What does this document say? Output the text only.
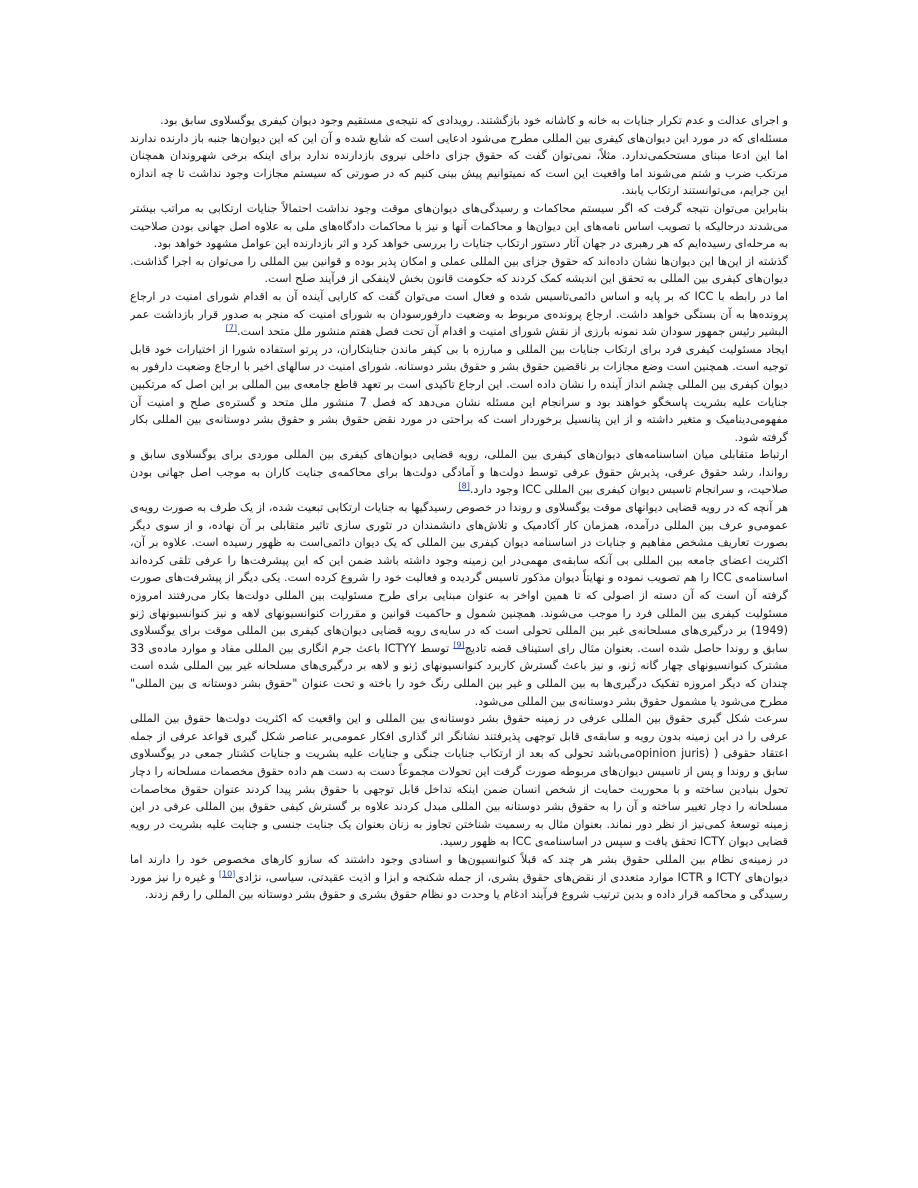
و اجرای عدالت و عدم تکرار جنایات به خانه و کاشانه خود بازگشتند. رویدادی که نتیجه‌ی مستقیم وجود دیوان کیفری یوگسلاوی سابق بود.

مسئله‌ای که در مورد این دیوان‌های کیفری بین المللی مطرح می‌شود ادعایی است که شایع شده و آن این که این دیوان‌ها جنبه باز دارنده ندارند اما این ادعا مبنای مستحکمی‌ندارد. مثلاً، نمی‌توان گفت که حقوق جزای داخلی نیروی بازدارنده ندارد برای اینکه برخی شهروندان همچنان مرتکب ضرب و شتم می‌شوند اما واقعیت این است که نمیتوانیم پیش بینی کنیم که در صورتی که سیستم مجازات وجود نداشت تا چه اندازه این جرایم، می‌توانستند ارتکاب یابند.

بنابراین می‌توان نتیجه گرفت که اگر سیستم محاکمات و رسیدگی‌های دیوان‌های موقت وجود نداشت احتمالاً جنایات ارتکابی به مراتب بیشتر می‌شدند درحالیکه با تصویب اساس نامه‌های این دیوان‌ها و محاکمات آنها و نیز با محاکمات دادگاه‌های ملی به علاوه اصل جهانی بودن صلاحیت به مرحله‌ای رسیده‌ایم که هر رهبری در جهان آثار دستور ارتکاب جنایات را بررسی خواهد کرد و اثر بازدارنده این عوامل مشهود خواهد بود.

گذشته از این‌ها این دیوان‌ها نشان داده‌اند که حقوق جزای بین المللی عملی و امکان پذیر بوده و قوانین بین المللی را می‌توان به اجرا گذاشت. دیوان‌های کیفری بین المللی به تحقق این اندیشه کمک کردند که حکومت قانون بخش لاینفکی از فرآیند صلح است.

اما در رابطه با ICC که بر پایه و اساس دائمی‌تاسیس شده و فعال است می‌توان گفت که کارایی آینده آن به اقدام شورای امنیت در ارجاع پرونده‌ها به آن بستگی خواهد داشت. ارجاع پرونده‌ی مربوط به وضعیت دارفورسودان به شورای امنیت که منجر به صدور قرار بازداشت عمر البشیر رئیس جمهور سودان شد نمونه بارزی از نقش شورای امنیت و اقدام آن تحت فصل هفتم منشور ملل متحد است.[7]

ایجاد مسئولیت کیفری فرد برای ارتکاب جنایات بین المللی و مبارزه با بی کیفر ماندن جنایتکاران، در پرتو استفاده شورا از اختیارات خود قابل توجیه است. همچنین است وضع مجازات بر ناقضین حقوق بشر و حقوق بشر دوستانه. شورای امنیت در سالهای اخیر با ارجاع وضعیت دارفور به دیوان کیفری بین المللی چشم انداز آینده را نشان داده است. این ارجاع تاکیدی است بر تعهد قاطع جامعه‌ی بین المللی بر این اصل که مرتکبین جنایات علیه بشریت پاسخگو خواهند بود و سرانجام این مسئله نشان می‌دهد که فصل 7 منشور ملل متحد و گستره‌ی صلح و امنیت آن مفهومی‌دینامیک و متغیر داشته و از این پتانسیل برخوردار است که براحتی در مورد نقض حقوق بشر و حقوق بشر دوستانه‌ی بین المللی بکار گرفته شود.

ارتباط متقابلی میان اساسنامه‌های دیوان‌های کیفری بین المللی، رویه قضایی دیوان‌های کیفری بین المللی موردی برای یوگسلاوی سابق و رواندا، رشد حقوق عرفی، پذیرش حقوق عرفی توسط دولت‌ها و آمادگی دولت‌ها برای محاکمه‌ی جنایت کاران به موجب اصل جهانی بودن صلاحیت، و سرانجام تاسیس دیوان کیفری بین المللی ICC وجود دارد.[8]

هر آنچه که در رویه قضایی دیوانهای موقت یوگسلاوی و روندا در خصوص رسیدگیها به جنایات ارتکابی تبعیت شده، از یک طرف به صورت رویه‌ی عمومی‌و عرف بین المللی درآمده، همزمان کار آکادمیک و تلاش‌های دانشمندان در تئوری سازی تاثیر متقابلی بر آن نهاده، و از سوی دیگر بصورت تعاریف مشخص مفاهیم و جنایات در اساسنامه دیوان کیفری بین المللی که یک دیوان دائمی‌است به ظهور رسیده است. علاوه بر آن، اکثریت اعضای جامعه بین المللی بی آنکه سابقه‌ی مهمی‌در این زمینه وجود داشته باشد ضمن این که این پیشرفت‌ها را عرفی تلقی کرده‌اند اساسنامه‌ی ICC را هم تصویب نموده و نهایتاً دیوان مذکور تاسیس گردیده و فعالیت خود را شروع کرده است. یکی دیگر از پیشرفت‌های صورت گرفته آن است که آن دسته از اصولی که تا همین اواخر به عنوان مبنایی برای طرح مسئولیت بین المللی دولت‌ها بکار می‌رفتند امروزه مسئولیت کیفری بین المللی فرد را موجب می‌شوند. همچنین شمول و حاکمیت قوانین و مقررات کنوانسیونهای لاهه و نیز کنوانسیونهای ژنو (1949) بر درگیری‌های مسلحانه‌ی غیر بین المللی تحولی است که در سایه‌ی رویه قضایی دیوان‌های کیفری بین المللی موقت برای یوگسلاوی سابق و روندا حاصل شده است. بعنوان مثال رای استیناف قضه تادیچ[9] توسط ICTYY باعث جرم انگاری بین المللی مفاد و موارد ماده‌ی 33 مشترک کنوانسیونهای چهار گانه ژنو، و نیز باعث گسترش کاربرد کنوانسیونهای ژنو و لاهه بر درگیری‌های مسلحانه غیر بین المللی شده است چندان که دیگر امروزه تفکیک درگیری‌ها به بین المللی و غیر بین المللی رنگ خود را باخته و تحت عنوان "حقوق بشر دوستانه ی بین المللی" مطرح می‌شود یا مشمول حقوق بشر دوستانه‌ی بین المللی می‌شود.

سرعت شکل گیری حقوق بین المللی عرفی در زمینه حقوق بشر دوستانه‌ی بین المللی و این واقعیت که اکثریت دولت‌ها حقوق بین المللی عرفی را در این زمینه بدون رویه و سابقه‌ی قابل توجهی پذیرفتند نشانگر اثر گذاری افکار عمومی‌بر عناصر شکل گیری قواعد عرفی از جمله اعتقاد حقوقی ( (opinion jurisمی‌باشد تحولی که بعد از ارتکاب جنایات جنگی و جنایات علیه بشریت و جنایات کشتار جمعی در یوگسلاوی سابق و روندا و پس از تاسیس دیوان‌های مربوطه صورت گرفت این تحولات مجموعاً دست به دست هم داده حقوق مخصمات مسلحانه را دچار تحول بنیادین ساخته و با محوریت حمایت از شخص انسان ضمن اینکه تداخل قابل توجهی با حقوق بشر پیدا کردند عنوان حقوق مخاصمات مسلحانه را دچار تغییر ساخته و آن را به حقوق بشر دوستانه بین المللی مبدل کردند علاوه بر گسترش کیفی حقوق بین المللی عرفی در این زمینه توسعهٔ کمی‌نیز از نظر دور نماند. بعنوان مثال به رسمیت شناختن تجاوز به زنان بعنوان یک جنایت جنسی و جنایت علیه بشریت در رویه قضایی دیوان ICTY تحقق یافت و سپس در اساسنامه‌ی ICC به ظهور رسید.

در زمینه‌ی نظام بین المللی حقوق بشر هر چند که قبلاً کنوانسیون‌ها و اسنادی وجود داشتند که سازو کارهای مخصوص خود را دارند اما دیوان‌های ICTY و ICTR موارد متعددی از نقض‌های حقوق بشری، از جمله شکنجه و ابزا و اذیت عقیدتی، سیاسی، نژادی[10] و غیره را نیز مورد رسیدگی و محاکمه قرار داده و بدین ترتیب شروع فرآیند ادغام یا وحدت دو نظام حقوق بشری و حقوق بشر دوستانه بین المللی را رقم زدند.
